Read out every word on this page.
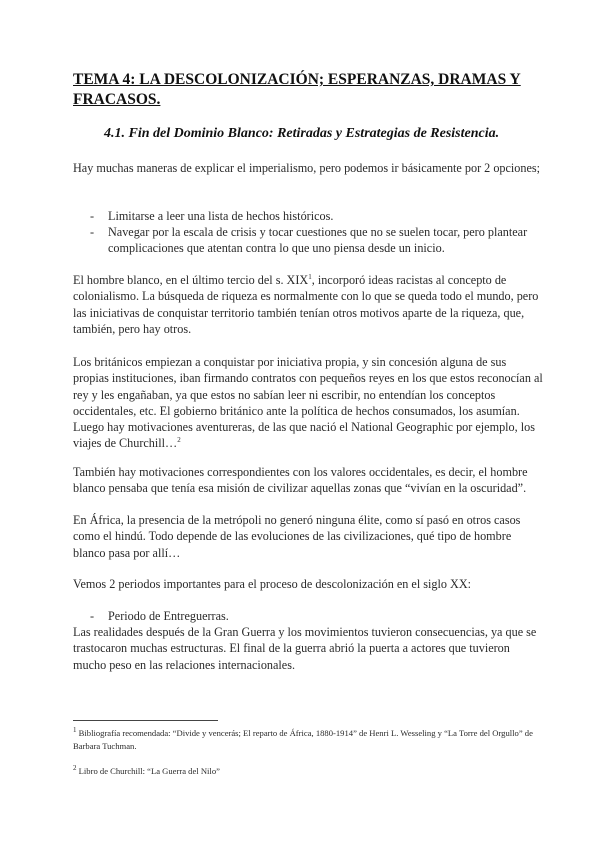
TEMA 4: LA DESCOLONIZACIÓN; ESPERANZAS, DRAMAS Y FRACASOS.
4.1. Fin del Dominio Blanco: Retiradas y Estrategias de Resistencia.

Hay muchas maneras de explicar el imperialismo, pero podemos ir básicamente por 2 opciones;

- Limitarse a leer una lista de hechos históricos.
- Navegar por la escala de crisis y tocar cuestiones que no se suelen tocar, pero plantear complicaciones que atentan contra lo que uno piensa desde un inicio.

El hombre blanco, en el último tercio del s. XIX$^1$, incorporó ideas racistas al concepto de colonialismo. La búsqueda de riqueza es normalmente con lo que se queda todo el mundo, pero las iniciativas de conquistar territorio también tenían otros motivos aparte de la riqueza, que, también, pero hay otros.

Los británicos empiezan a conquistar por iniciativa propia, y sin concesión alguna de sus propias instituciones, iban firmando contratos con pequeños reyes en los que estos reconocían al rey y les engañaban, ya que estos no sabían leer ni escribir, no entendían los conceptos occidentales, etc. El gobierno británico ante la política de hechos consumados, los asumían. Luego hay motivaciones aventureras, de las que nació el National Geographic por ejemplo, los viajes de Churchill…$^2$

También hay motivaciones correspondientes con los valores occidentales, es decir, el hombre blanco pensaba que tenía esa misión de civilizar aquellas zonas que “vivían en la oscuridad”.

En África, la presencia de la metrópoli no generó ninguna élite, como sí pasó en otros casos como el hindú. Todo depende de las evoluciones de las civilizaciones, qué tipo de hombre blanco pasa por allí…

Vemos 2 periodos importantes para el proceso de descolonización en el siglo XX:

- Periodo de Entreguerras.

Las realidades después de la Gran Guerra y los movimientos tuvieron consecuencias, ya que se trastocaron muchas estructuras. El final de la guerra abrió la puerta a actores que tuvieron mucho peso en las relaciones internacionales.

$^1$ Bibliografía recomendada: “Divide y vencerás; El reparto de África, 1880-1914” de Henri L. Wesseling y “La Torre del Orgullo” de Barbara Tuchman.
$^2$ Libro de Churchill: “La Guerra del Nilo”
